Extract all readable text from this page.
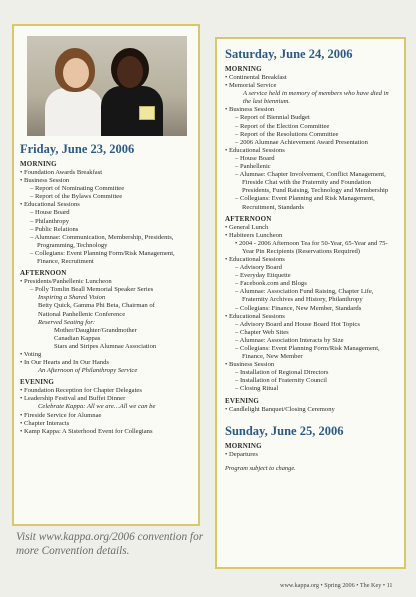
Friday, June 23, 2006
MORNING
• Foundation Awards Breakfast
• Business Session
– Report of Nominating Committee
– Report of the Bylaws Committee
• Educational Sessions
– House Board
– Philanthropy
– Public Relations
– Alumnae: Communication, Membership, Presidents, Programming, Technology
– Collegians: Event Planning Form/Risk Management, Finance, Recruitment
AFTERNOON
• Presidents/Panhellenic Luncheon
– Polly Tomlin Beall Memorial Speaker Series
Inspiring a Shared Vision
Betty Quick, Gamma Phi Beta, Chairman of
National Panhellenic Conference
Reserved Seating for:
Mother/Daughter/Grandmother
Canadian Kappas
Stars and Stripes Alumnae Association
• Voting
• In Our Hearts and In Our Hands
An Afternoon of Philanthropy Service
EVENING
• Foundation Reception for Chapter Delegates
• Leadership Festival and Buffet Dinner
Celebrate Kappa: All we are…All we can be
• Fireside Service for Alumnae
• Chapter Interacts
• Kamp Kappa: A Sisterhood Event for Collegians
Saturday, June 24, 2006
MORNING
• Continental Breakfast
• Memorial Service
A service held in memory of members who have died in the last biennium.
• Business Session
– Report of Biennial Budget
– Report of the Election Committee
– Report of the Resolutions Committee
– 2006 Alumnae Achievement Award Presentation
• Educational Sessions
– House Board
– Panhellenic
– Alumnae: Chapter Involvement, Conflict Management, Fireside Chat with the Fraternity and Foundation Presidents, Fund Raising, Technology and Membership
– Collegians: Event Planning and Risk Management, Recruitment, Standards
AFTERNOON
• General Lunch
• Habiteers Luncheon
• 2004 - 2006 Afternoon Tea for 50-Year, 65-Year and 75-Year Pin Recipients (Reservations Required)
• Educational Sessions
– Advisory Board
– Everyday Etiquette
– Facebook.com and Blogs
– Alumnae: Association Fund Raising, Chapter Life, Fraternity Archives and History, Philanthropy
– Collegians: Finance, New Member, Standards
• Educational Sessions
– Advisory Board and House Board Hot Topics
– Chapter Web Sites
– Alumnae: Association Interacts by Size
– Collegians: Event Planning Form/Risk Management, Finance, New Member
• Business Session
– Installation of Regional Directors
– Installation of Fraternity Council
– Closing Ritual
EVENING
• Candlelight Banquet/Closing Ceremony
Sunday, June 25, 2006
MORNING
• Departures
Program subject to change.
Visit www.kappa.org/2006 convention for more Convention details.
www.kappa.org • Spring 2006 • The Key • 11
